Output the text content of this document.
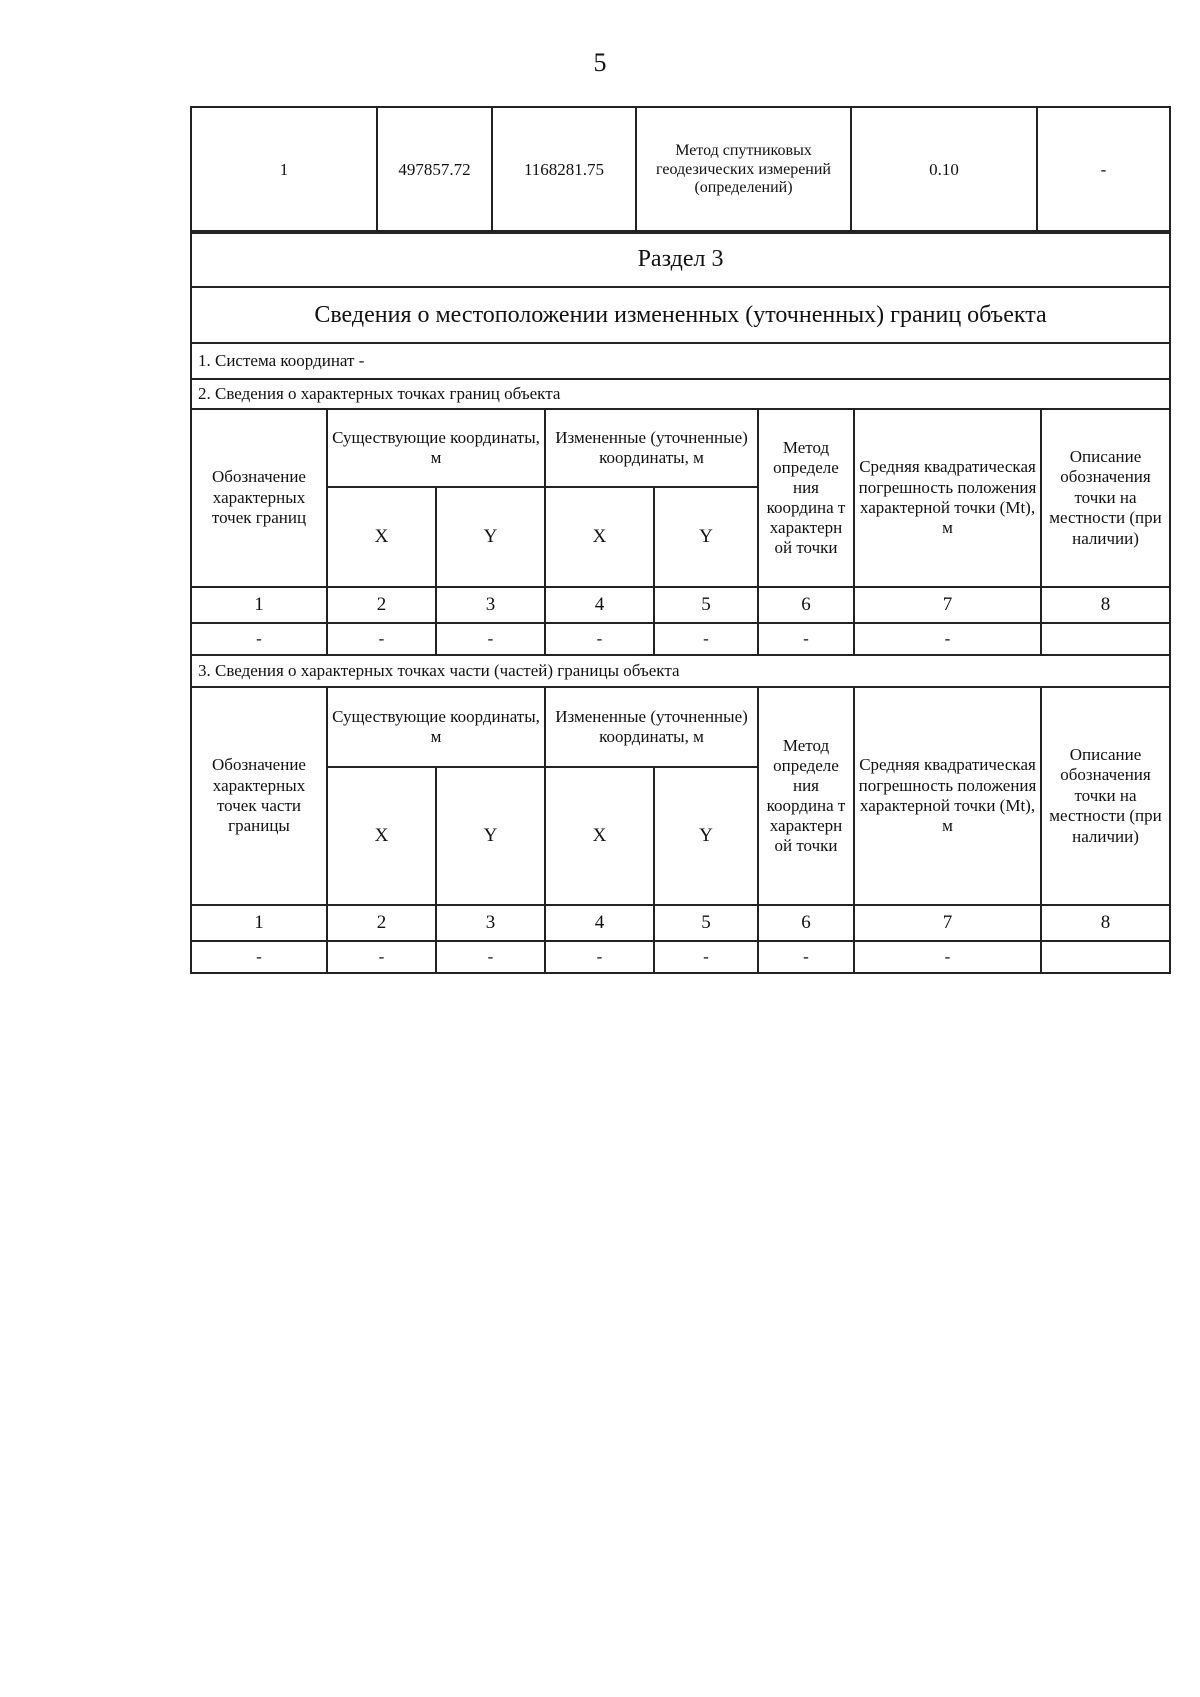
5
1	497857.72	1168281.75	Метод спутниковых геодезических измерений (определений)	0.10	-
Раздел 3							
Сведения о местоположении измененных (уточненных) границ объекта							
1. Система координат -							
2. Сведения о характерных точках границ объекта							
Обозначение характерных точек границ	Существующие координаты, м		Измененные (уточненные) координаты, м		Метод определе ния координа т характерн ой точки	Средняя квадратическая погрешность положения характерной точки (Mt), м	Описание обозначения точки на местности (при наличии)
	X	Y	X	Y			
1	2	3	4	5	6	7	8
-	-	-	-	-	-	-	
3. Сведения о характерных точках части (частей) границы объекта							
Обозначение характерных точек части границы	Существующие координаты, м		Измененные (уточненные) координаты, м		Метод определе ния координа т характерн ой точки	Средняя квадратическая погрешность положения характерной точки (Mt), м	Описание обозначения точки на местности (при наличии)
	X	Y	X	Y			
1	2	3	4	5	6	7	8
-	-	-	-	-	-	-	
